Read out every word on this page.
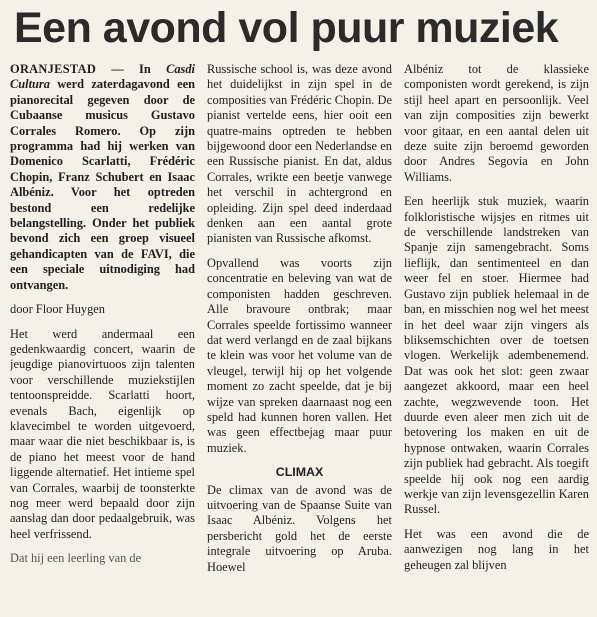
Een avond vol puur muziek

ORANJESTAD — In Casdi Cultura werd zaterdagavond een pianorecital gegeven door de Cubaanse musicus Gustavo Corrales Romero. Op zijn programma had hij werken van Domenico Scarlatti, Frédéric Chopin, Franz Schubert en Isaac Albéniz. Voor het optreden bestond een redelijke belangstelling. Onder het publiek bevond zich een groep visueel gehandicapten van de FAVI, die een speciale uitnodiging had ontvangen.

door Floor Huygen

Het werd andermaal een gedenkwaardig concert, waarin de jeugdige pianovirtuoos zijn talenten voor verschillende muziekstijlen tentoonspreidde. Scarlatti hoort, evenals Bach, eigenlijk op klavecimbel te worden uitgevoerd, maar waar die niet beschikbaar is, is de piano het meest voor de hand liggende alternatief. Het intieme spel van Corrales, waarbij de toonsterkte nog meer werd bepaald door zijn aanslag dan door pedaalgebruik, was heel verfrissend.

Dat hij een leerling van de

Russische school is, was deze avond het duidelijkst in zijn spel in de composities van Frédéric Chopin. De pianist vertelde eens, hier ooit een quatre-mains optreden te hebben bijgewoond door een Nederlandse en een Russische pianist. En dat, aldus Corrales, wrikte een beetje vanwege het verschil in achtergrond en opleiding. Zijn spel deed inderdaad denken aan een aantal grote pianisten van Russische afkomst.

Opvallend was voorts zijn concentratie en beleving van wat de componisten hadden geschreven. Alle bravoure ontbrak; maar Corrales speelde fortissimo wanneer dat werd verlangd en de zaal bijkans te klein was voor het volume van de vleugel, terwijl hij op het volgende moment zo zacht speelde, dat je bij wijze van spreken daarnaast nog een speld had kunnen horen vallen. Het was geen effectbejag maar puur muziek.

CLIMAX

De climax van de avond was de uitvoering van de Spaanse Suite van Isaac Albéniz. Volgens het persbericht gold het de eerste integrale uitvoering op Aruba. Hoewel

Albéniz tot de klassieke componisten wordt gerekend, is zijn stijl heel apart en persoonlijk. Veel van zijn composities zijn bewerkt voor gitaar, en een aantal delen uit deze suite zijn beroemd geworden door Andres Segovia en John Williams.

Een heerlijk stuk muziek, waarin folkloristische wijsjes en ritmes uit de verschillende landstreken van Spanje zijn samengebracht. Soms lieflijk, dan sentimenteel en dan weer fel en stoer. Hiermee had Gustavo zijn publiek helemaal in de ban, en misschien nog wel het meest in het deel waar zijn vingers als bliksemschichten over de toetsen vlogen. Werkelijk adembenemend. Dat was ook het slot: geen zwaar aangezet akkoord, maar een heel zachte, wegzwevende toon. Het duurde even aleer men zich uit de betovering los maken en uit de hypnose ontwaken, waarin Corrales zijn publiek had gebracht. Als toegift speelde hij ook nog een aardig werkje van zijn levensgezellin Karen Russel.

Het was een avond die de aanwezigen nog lang in het geheugen zal blijven
